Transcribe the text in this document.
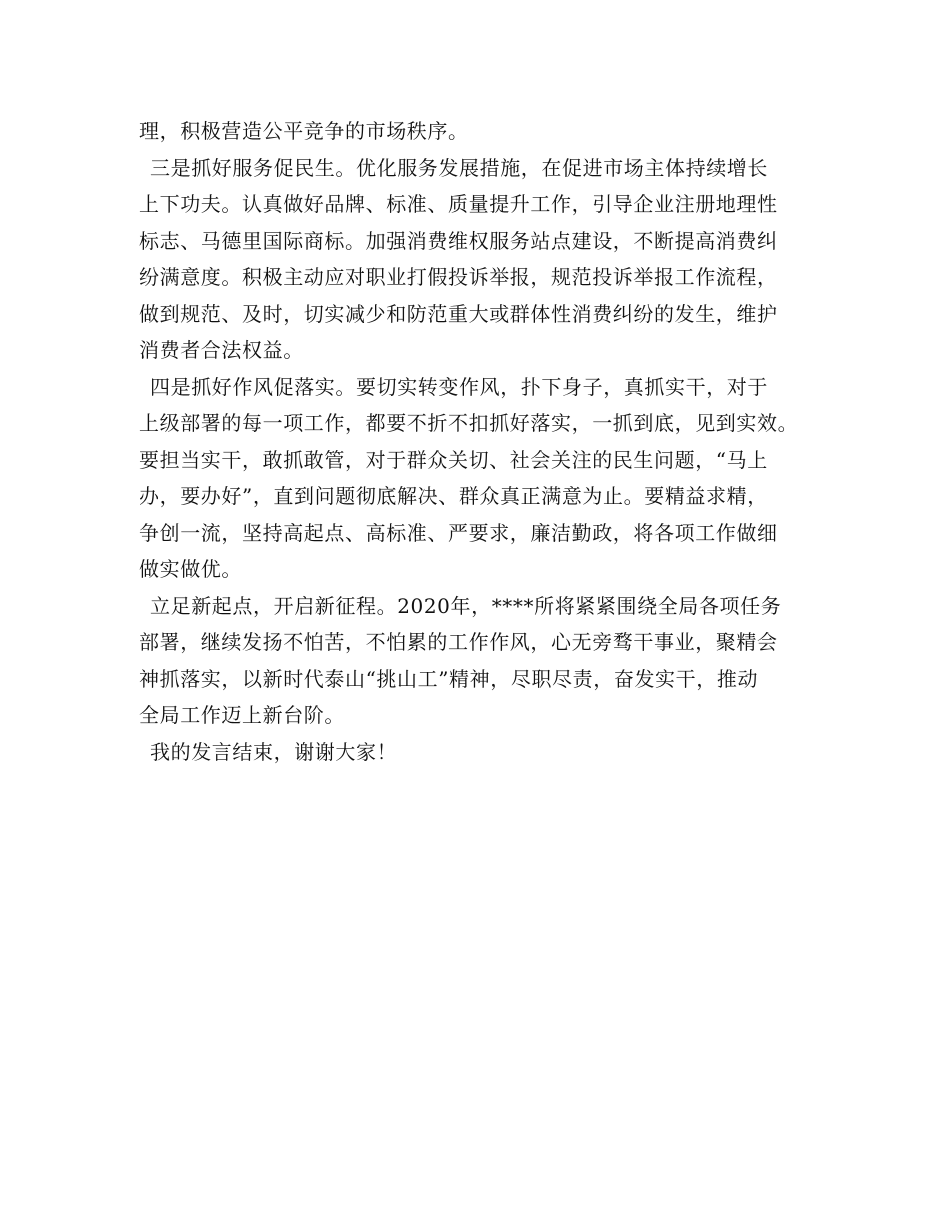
理，积极营造公平竞争的市场秩序。
三是抓好服务促民生。优化服务发展措施，在促进市场主体持续增长
上下功夫。认真做好品牌、标准、质量提升工作，引导企业注册地理性
标志、马德里国际商标。加强消费维权服务站点建设，不断提高消费纠
纷满意度。积极主动应对职业打假投诉举报，规范投诉举报工作流程，
做到规范、及时，切实减少和防范重大或群体性消费纠纷的发生，维护
消费者合法权益。
四是抓好作风促落实。要切实转变作风，扑下身子，真抓实干，对于
上级部署的每一项工作，都要不折不扣抓好落实，一抓到底，见到实效。
要担当实干，敢抓敢管，对于群众关切、社会关注的民生问题，“马上
办，要办好”，直到问题彻底解决、群众真正满意为止。要精益求精，
争创一流，坚持高起点、高标准、严要求，廉洁勤政，将各项工作做细
做实做优。
立足新起点，开启新征程。2020年，****所将紧紧围绕全局各项任务
部署，继续发扬不怕苦，不怕累的工作作风，心无旁骛干事业，聚精会
神抓落实，以新时代泰山“挑山工”精神，尽职尽责，奋发实干，推动
全局工作迈上新台阶。
我的发言结束，谢谢大家！
